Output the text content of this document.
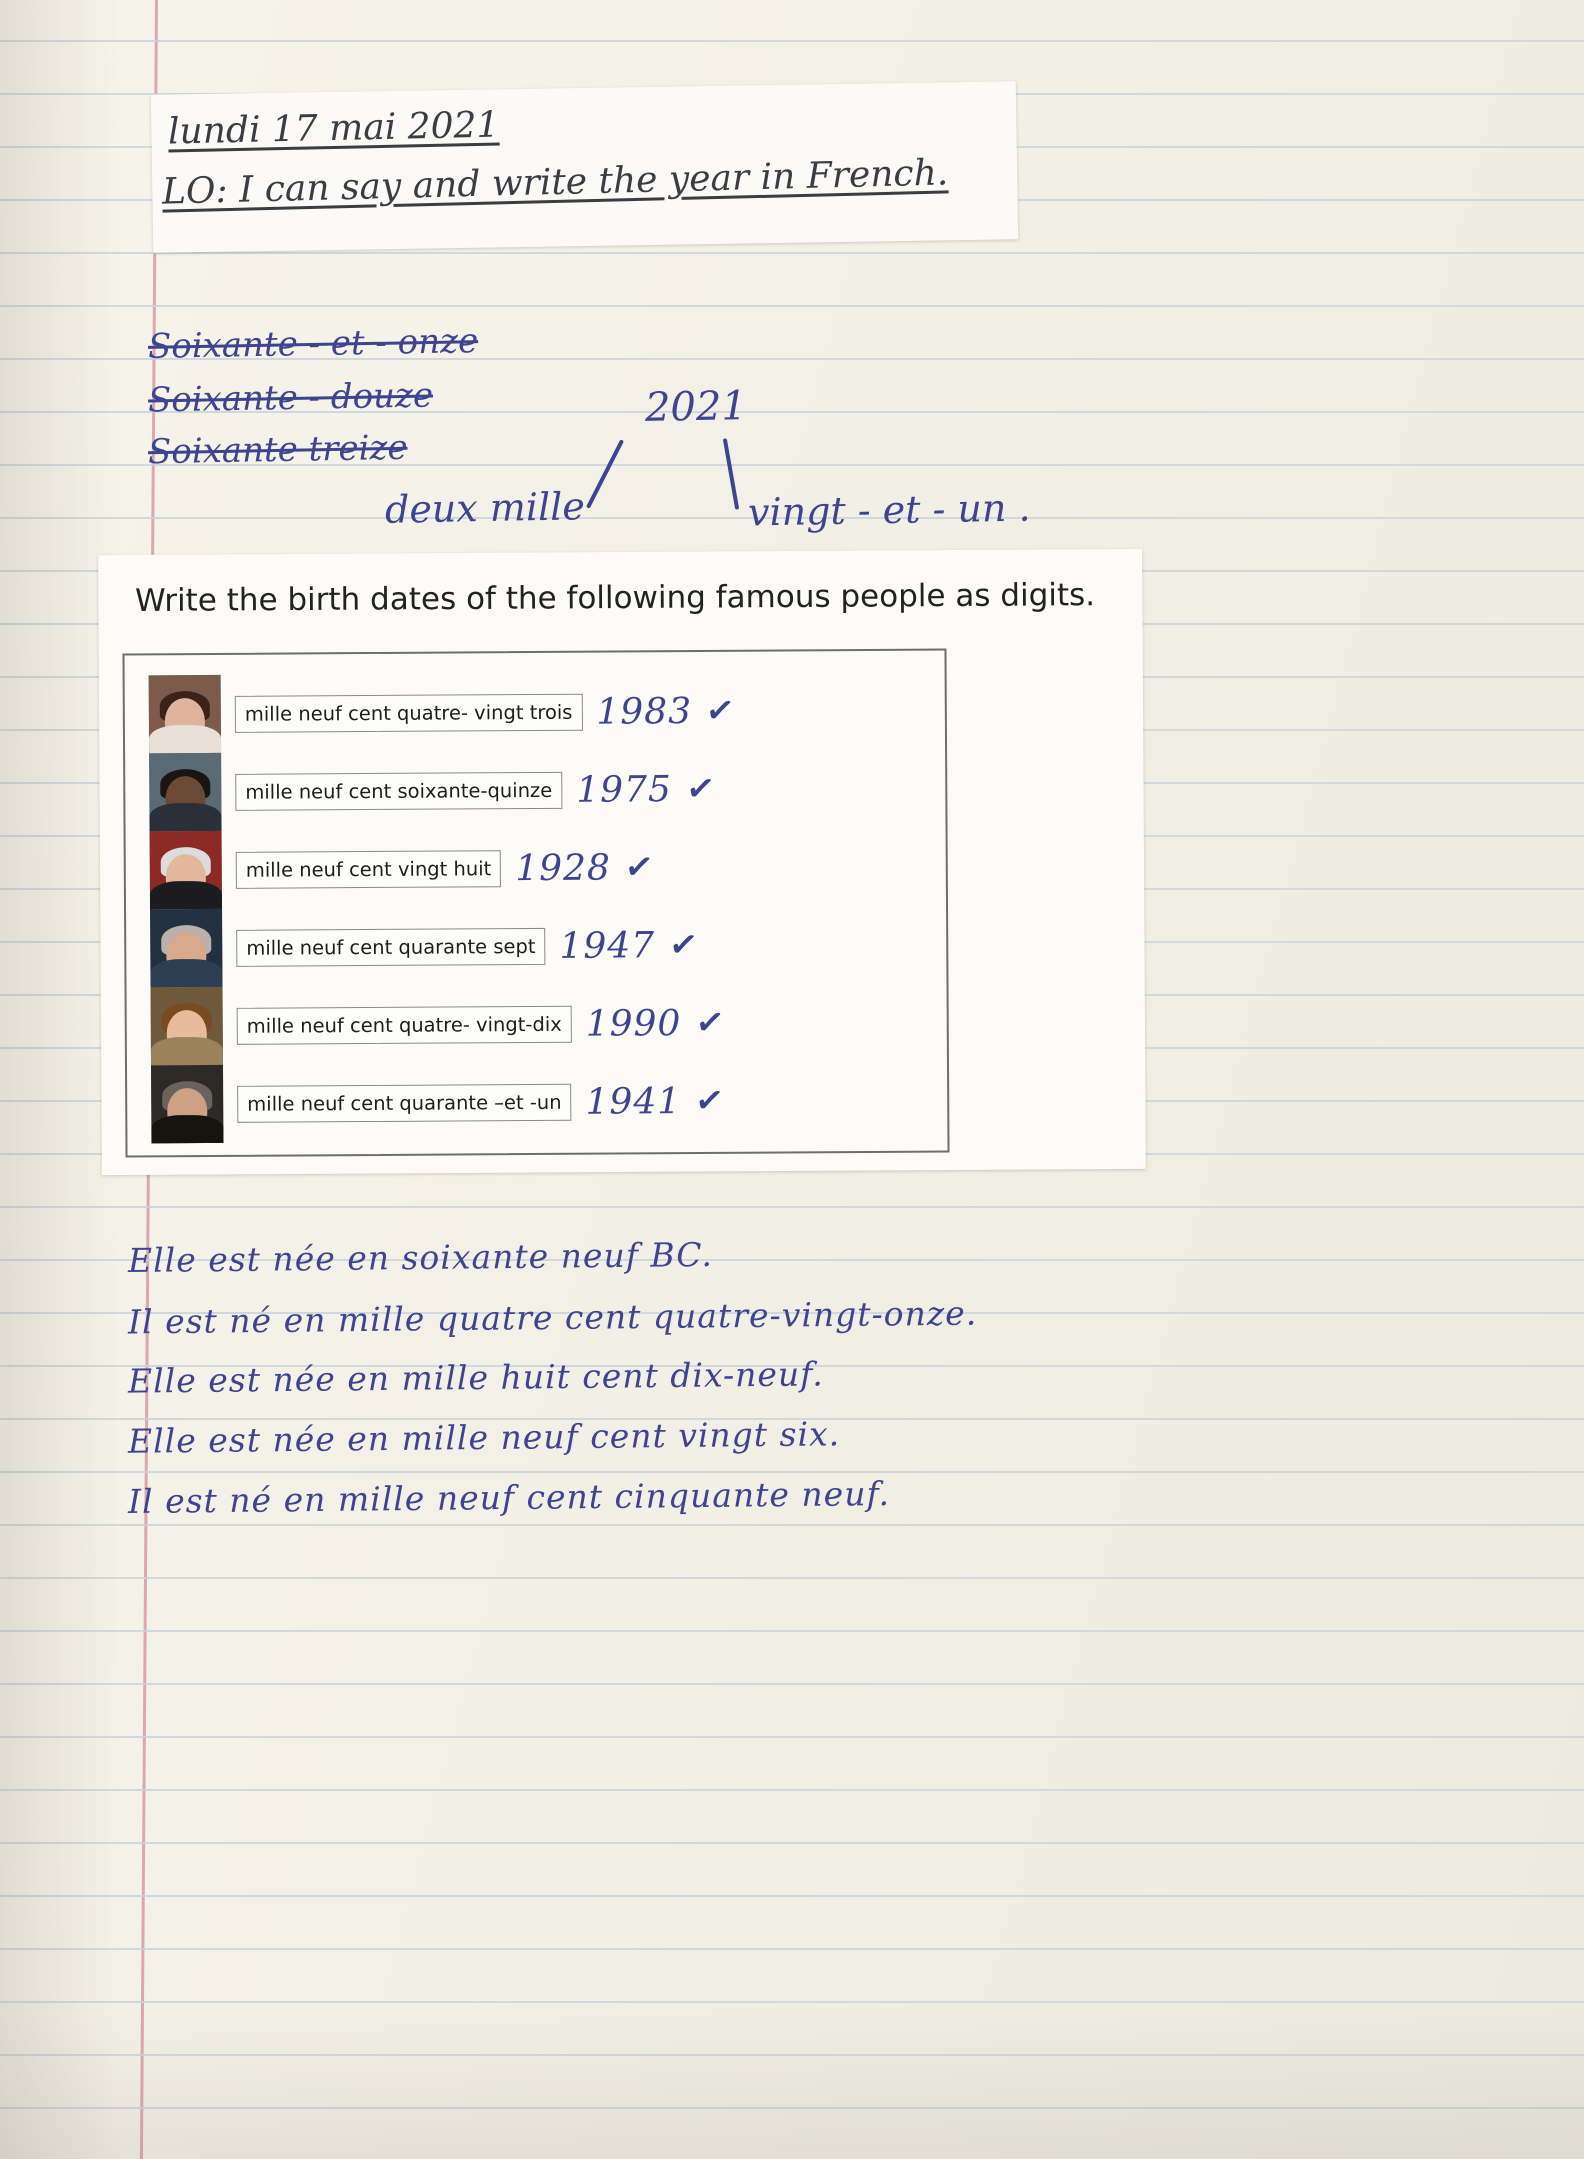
lundi 17 mai 2021
LO: I can say and write the year in French.
Soixante - et - onze
Soixante - douze
Soixante treize
2021
deux mille	vingt - et - un .
Write the birth dates of the following famous people as digits.
mille neuf cent quatre- vingt trois 1983 ✓
mille neuf cent soixante-quinze 1975 ✓
mille neuf cent vingt huit 1928 ✓
mille neuf cent quarante sept 1947 ✓
mille neuf cent quatre- vingt-dix 1990 ✓
mille neuf cent quarante –et -un 1941 ✓
Elle est née en soixante neuf BC.
Il est né en mille quatre cent quatre-vingt-onze.
Elle est née en mille huit cent dix-neuf.
Elle est née en mille neuf cent vingt six.
Il est né en mille neuf cent cinquante neuf.
